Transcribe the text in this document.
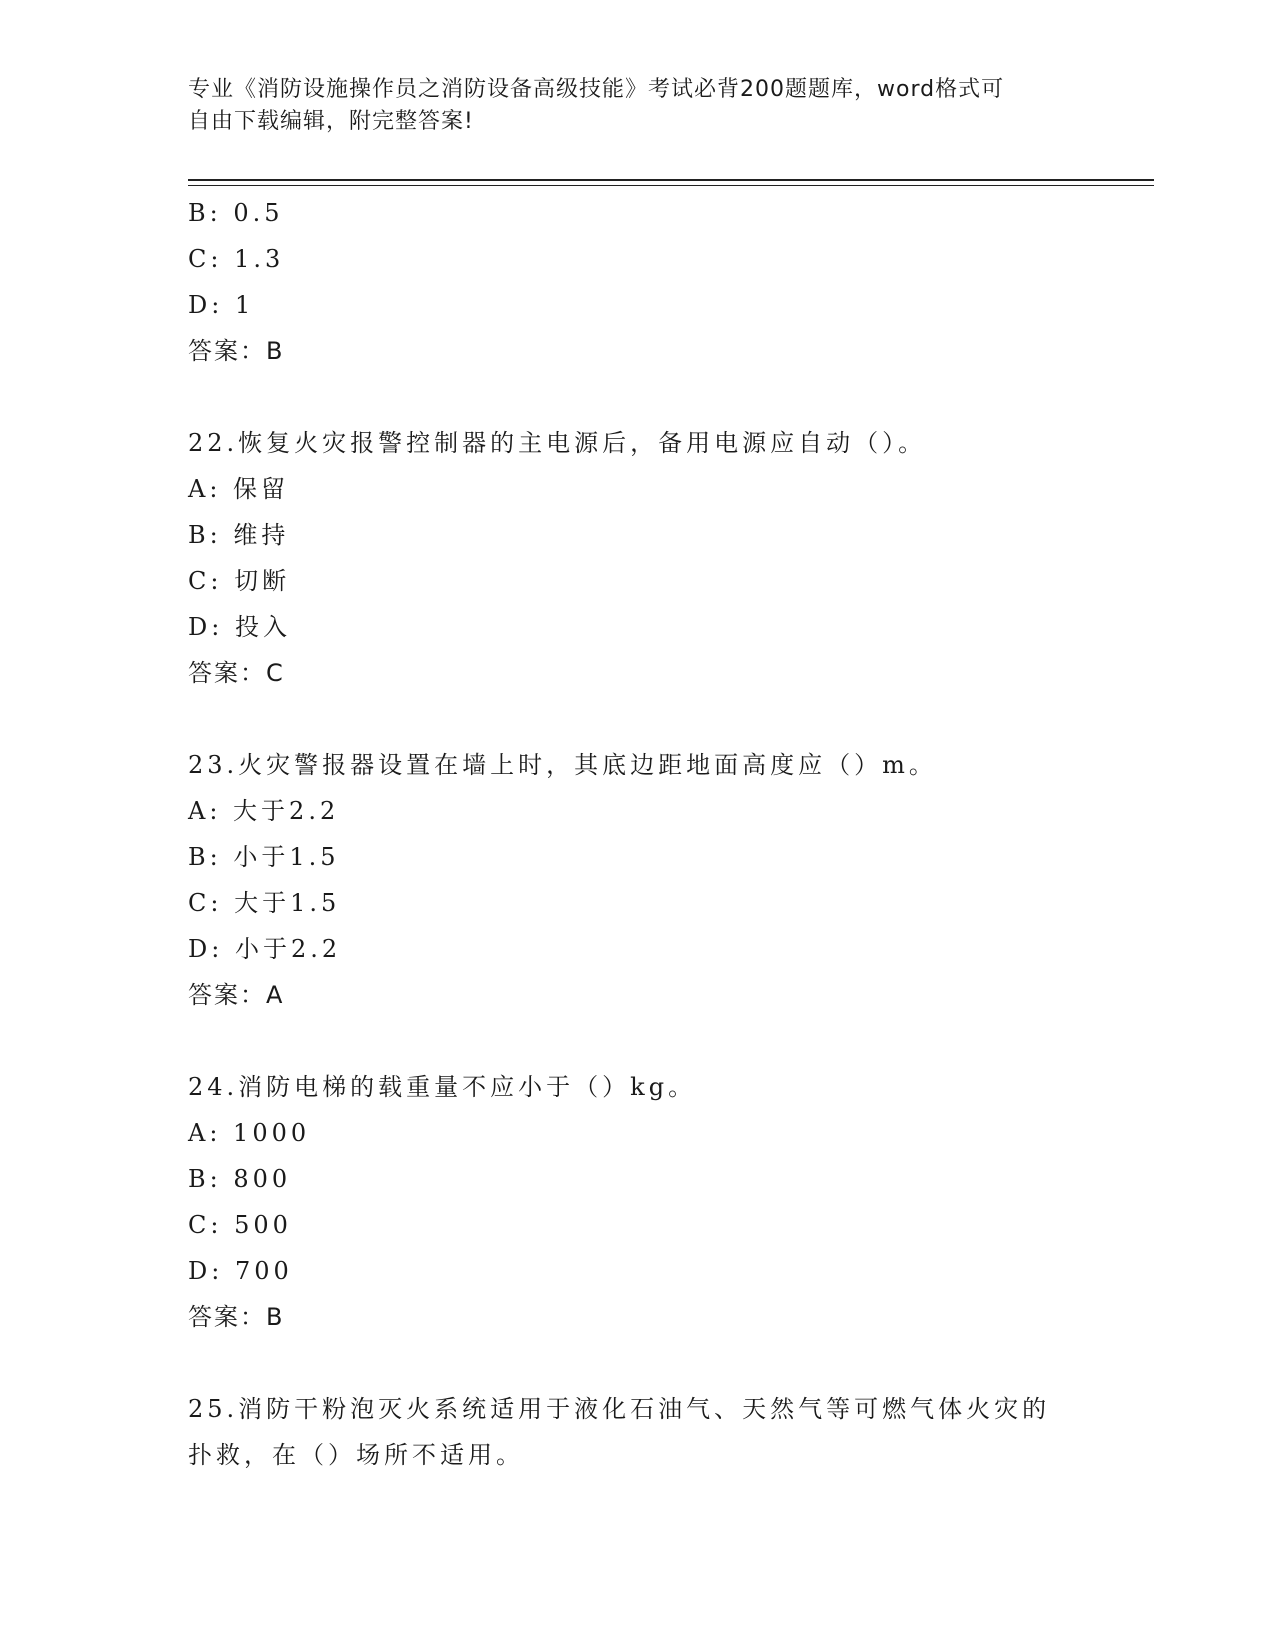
专业《消防设施操作员之消防设备高级技能》考试必背200题题库，word格式可
自由下载编辑，附完整答案!
B: 0.5
C: 1.3
D: 1
答案：B
22.恢复火灾报警控制器的主电源后，备用电源应自动（）。
A: 保留
B: 维持
C: 切断
D: 投入
答案：C
23.火灾警报器设置在墙上时，其底边距地面高度应（）m。
A: 大于2.2
B: 小于1.5
C: 大于1.5
D: 小于2.2
答案：A
24.消防电梯的载重量不应小于（）kg。
A: 1000
B: 800
C: 500
D: 700
答案：B
25.消防干粉泡灭火系统适用于液化石油气、天然气等可燃气体火灾的
扑救，在（）场所不适用。
